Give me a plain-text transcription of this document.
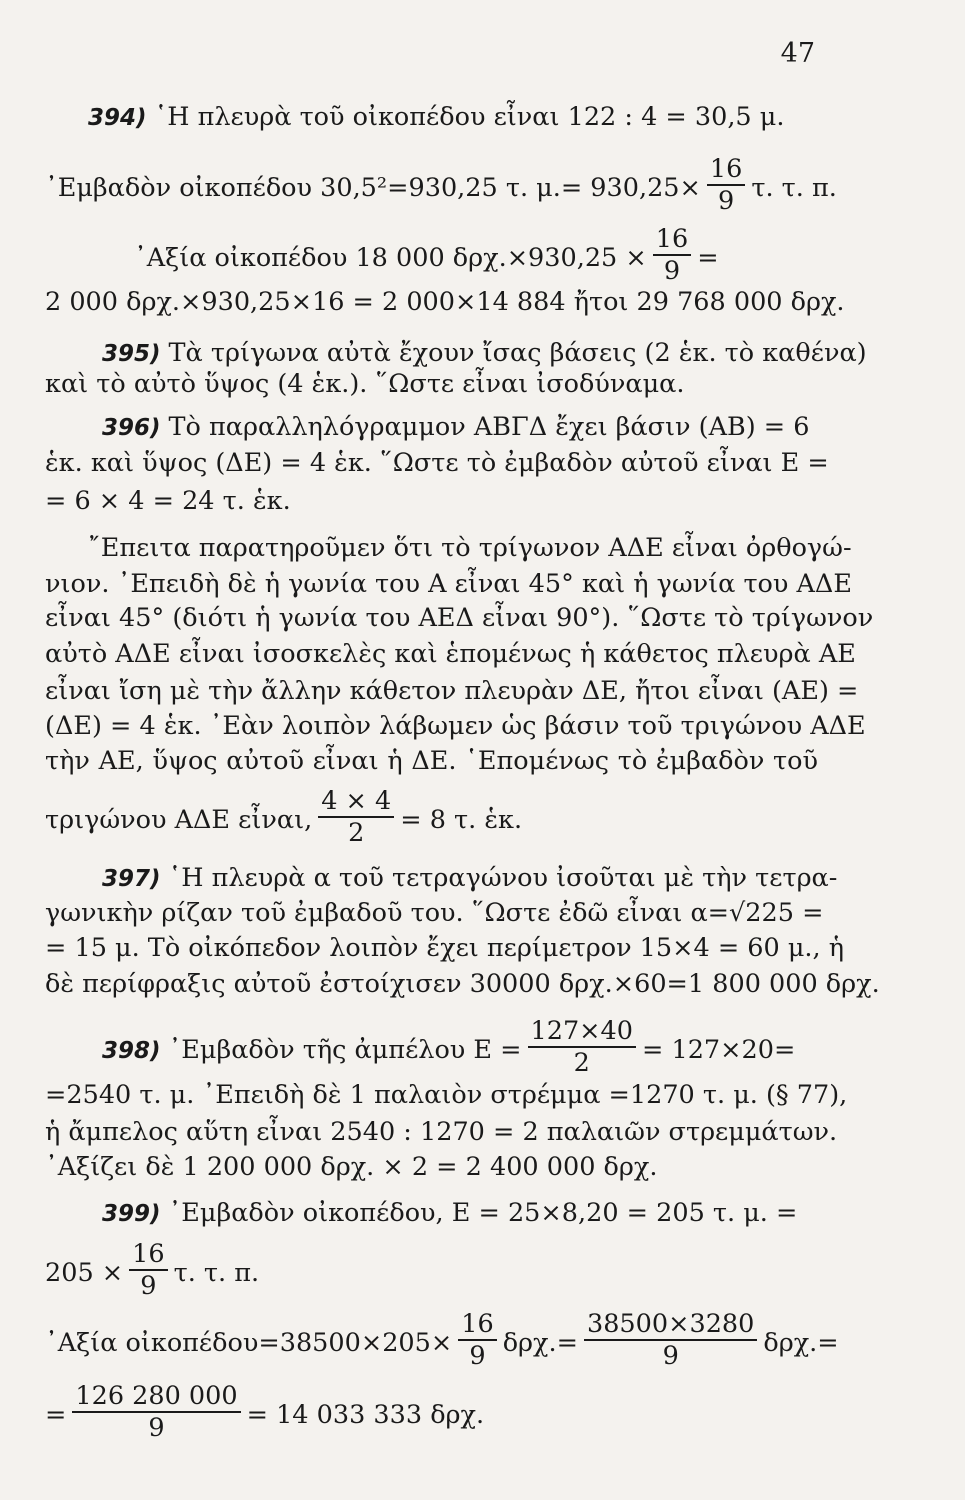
47
394) ῾Η πλευρὰ τοῦ οἰκοπέδου εἶναι 122 : 4 = 30,5 μ.
᾿Εμβαδὸν οἰκοπέδου 30,5²=930,25 τ. $\mu.= 930,25\times \frac{16}{9} \tau$. τ. π.
᾿Αξία οἰκοπέδου 18 000 $\delta\rho\chi.\times 930,25 \times \frac{16}{9}$ =
2 000 δρχ.×930,25×16 = 2 000×14 884 ἤτοι 29 768 000 δρχ.
395) Τὰ τρίγωνα αὐτὰ ἔχουν ἴσας βάσεις (2 ἑκ. τὸ καθένα)
καὶ τὸ αὐτὸ ὕψος (4 ἑκ.). ῞Ωστε εἶναι ἰσοδύναμα.
396) Τὸ παραλληλόγραμμον ΑΒΓΔ ἔχει βάσιν (ΑΒ) = 6
ἑκ. καὶ ὕψος (ΔΕ) = 4 ἑκ. ῞Ωστε τὸ ἐμβαδὸν αὐτοῦ εἶναι Ε =
= 6 × 4 = 24 τ. ἑκ.
῎Επειτα παρατηροῦμεν ὅτι τὸ τρίγωνον ΑΔΕ εἶναι ὀρθογώ-
νιον. ᾿Επειδὴ δὲ ἡ γωνία του Α εἶναι 45° καὶ ἡ γωνία του ΑΔΕ
εἶναι 45° (διότι ἡ γωνία του ΑΕΔ εἶναι 90°). ῞Ωστε τὸ τρίγωνον
αὐτὸ ΑΔΕ εἶναι ἰσοσκελὲς καὶ ἑπομένως ἡ κάθετος πλευρὰ ΑΕ
εἶναι ἴση μὲ τὴν ἄλλην κάθετον πλευρὰν ΔΕ, ἤτοι εἶναι (ΑΕ) =
(ΔΕ) = 4 ἑκ. ᾿Εὰν λοιπὸν λάβωμεν ὡς βάσιν τοῦ τριγώνου ΑΔΕ
τὴν ΑΕ, ὕψος αὐτοῦ εἶναι ἡ ΔΕ. ῾Επομένως τὸ ἐμβαδὸν τοῦ
τριγώνου ΑΔΕ εἶναι, $\frac{4 \times 4}{2} = 8$ τ. ἑκ.
397) ῾Η πλευρὰ α τοῦ τετραγώνου ἰσοῦται μὲ τὴν τετρα-
γωνικὴν ρίζαν τοῦ ἐμβαδοῦ του. ῞Ωστε ἐδῶ εἶναι α=√225 =
= 15 μ. Τὸ οἰκόπεδον λοιπὸν ἔχει περίμετρον 15×4 = 60 μ., ἡ
δὲ περίφραξις αὐτοῦ ἐστοίχισεν 30000 δρχ.×60=1 800 000 δρχ.
398) ᾿Εμβαδὸν τῆς ἀμπέλου $E = \frac{127\times 40}{2} = 127\times 20=$
=2540 τ. μ. ᾿Επειδὴ δὲ 1 παλαιὸν στρέμμα =1270 τ. μ. (§ 77),
ἡ ἄμπελος αὕτη εἶναι 2540 : 1270 = 2 παλαιῶν στρεμμάτων.
᾿Αξίζει δὲ 1 200 000 δρχ. × 2 = 2 400 000 δρχ.
399) ᾿Εμβαδὸν οἰκοπέδου, Ε = 25×8,20 = 205 τ. μ. =
$205 \times \frac{16}{9} \tau$. τ. π.
᾿Αξία οἰκοπέδου=38500×205× $\frac{16}{9} \delta\rho\chi.= \frac{38500\times 3280}{9} \delta\rho\chi.=$
= $\frac{126 280 000}{9} = 14$ 033 333 δρχ.
